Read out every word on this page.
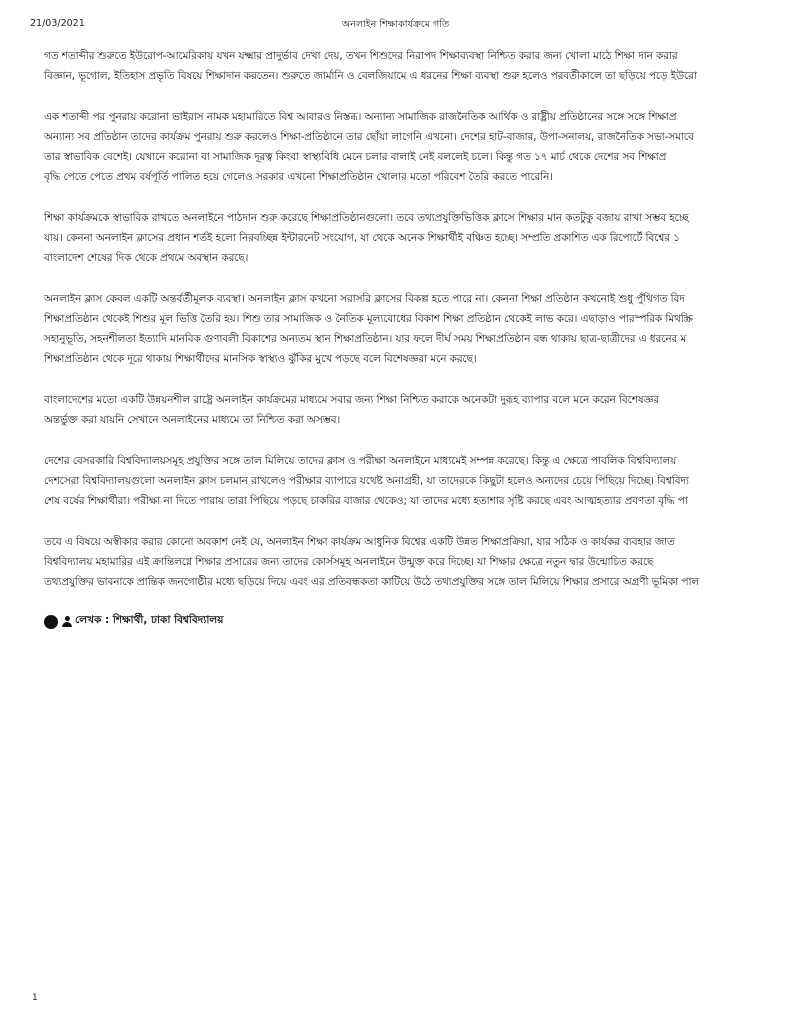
21/03/2021	অনলাইন শিক্ষাকার্যক্রমে গতি
গত শতাব্দীর শুরুতে ইউরোপ-আমেরিকায় যখন যক্ষ্মার প্রাদুর্ভাব দেখা দেয়, তখন শিশুদের নিরাপদ শিক্ষাব্যবস্থা নিশ্চিত করার জন্য খোলা মাঠে শিক্ষা দান করার
বিজ্ঞান, ভূগোল, ইতিহাস প্রভৃতি বিষয়ে শিক্ষাদান করতেন। শুরুতে জার্মানি ও বেলজিয়ামে এ ধরনের শিক্ষা ব্যবস্থা শুরু হলেও পরবর্তীকালে তা ছড়িয়ে পড়ে ইউরো
এক শতাব্দী পর পুনরায় করোনা ভাইরাস নামক মহামারিতে বিশ্ব আবারও নিস্তব্ধ। অন্যান্য সামাজিক রাজনৈতিক আর্থিক ও রাষ্ট্রীয় প্রতিষ্ঠানের সঙ্গে সঙ্গে শিক্ষাপ্র
অন্যান্য সব প্রতিষ্ঠান তাদের কার্যক্রম পুনরায় শুরু করলেও শিক্ষা-প্রতিষ্ঠানে তার ছোঁয়া লাগেনি এখনো। দেশের হাট-বাজার, উপা-সনালয়, রাজনৈতিক সভা-সমাবে
তার স্বাভাবিক বেশেই। যেখানে করোনা বা সামাজিক দূরত্ব কিংবা স্বাস্থ্যবিধি মেনে চলার বালাই নেই বললেই চলে। কিন্তু গত ১৭ মার্চ থেকে দেশের সব শিক্ষাপ্র
বৃদ্ধি পেতে পেতে প্রথম বর্ষপূর্তি পালিত হয়ে গেলেও সরকার এখনো শিক্ষাপ্রতিষ্ঠান খোলার মতো পরিবেশ তৈরি করতে পারেনি।
শিক্ষা কার্যক্রমকে স্বাভাবিক রাখতে অনলাইনে পাঠদান শুরু করেছে শিক্ষাপ্রতিষ্ঠানগুলো। তবে তথ্যপ্রযুক্তিভিত্তিক ক্লাসে শিক্ষার মান কতটুকু বজায় রাখা সম্ভব হচ্ছে
যায়। কেননা অনলাইন ক্লাসের প্রধান শর্তই হলো নিরবচ্ছিন্ন ইন্টারনেট সংযোগ, যা থেকে অনেক শিক্ষার্থীই বঞ্চিত হচ্ছে। সম্প্রতি প্রকাশিত এক রিপোর্টে বিশ্বের ১
বাংলাদেশ শেষের দিক থেকে প্রথমে অবস্থান করছে।
অনলাইন ক্লাস কেবল একটি অন্তর্বর্তীমূলক ব্যবস্থা। অনলাইন ক্লাস কখনো সরাসরি ক্লাসের বিকল্প হতে পারে না। কেননা শিক্ষা প্রতিষ্ঠান কখনোই শুধু পুঁথিগত বিদ
শিক্ষাপ্রতিষ্ঠান থেকেই শিশুর মূল ভিত্তি তৈরি হয়। শিশু তার সামাজিক ও নৈতিক মূল্যবোধের বিকাশ শিক্ষা প্রতিষ্ঠান থেকেই লাভ করে। এছাড়াও পারস্পরিক মিথস্ক্রি
সহানুভূতি, সহনশীলতা ইত্যাদি মানবিক গুণাবলী বিকাশের অন্যতম স্থান শিক্ষাপ্রতিষ্ঠান। যার ফলে দীর্ঘ সময় শিক্ষাপ্রতিষ্ঠান বন্ধ থাকায় ছাত্র-ছাত্রীদের এ ধরনের ম
শিক্ষাপ্রতিষ্ঠান থেকে দূরে থাকায় শিক্ষার্থীদের মানসিক স্বাস্থ্যও ঝুঁকির মুখে পড়ছে বলে বিশেষজ্ঞরা মনে করছে।
বাংলাদেশের মতো একটি উন্নয়নশীল রাষ্ট্রে অনলাইন কার্যক্রমের মাধ্যমে সবার জন্য শিক্ষা নিশ্চিত করাকে অনেকটা দুরূহ ব্যাপার বলে মনে করেন বিশেষজ্ঞর
অন্তর্ভুক্ত করা যায়নি সেখানে অনলাইনের মাধ্যমে তা নিশ্চিত করা অসম্ভব।
দেশের বেসরকারি বিশ্ববিদ্যালয়সমূহ প্রযুক্তির সঙ্গে তাল মিলিয়ে তাদের ক্লাস ও পরীক্ষা অনলাইনে মাধ্যমেই সম্পন্ন করেছে। কিন্তু এ ক্ষেত্রে পাবলিক বিশ্ববিদ্যালয়
দেশসেরা বিশ্ববিদ্যালয়গুলো অনলাইন ক্লাস চলমান রাখলেও পরীক্ষার ব্যাপারে যথেষ্ট অনাগ্রহী, যা তাদেরকে কিছুটা হলেও অন্যদের চেয়ে পিছিয়ে দিচ্ছে। বিশ্ববিদ্য
শেষ বর্ষের শিক্ষার্থীরা। পরীক্ষা না দিতে পারায় তারা পিছিয়ে পড়ছে চাকরির বাজার থেকেও; যা তাদের মধ্যে হতাশার সৃষ্টি করছে এবং আত্মহত্যার প্রবণতা বৃদ্ধি পা
তবে এ বিষয়ে অস্বীকার করার কোনো অবকাশ নেই যে, অনলাইন শিক্ষা কার্যক্রম আধুনিক বিশ্বের একটি উন্নত শিক্ষাপ্রক্রিয়া, যার সঠিক ও কার্যকর ব্যবহার জাত
বিশ্ববিদ্যালয় মহামারির এই ক্রান্তিলগ্নে শিক্ষার প্রসারের জন্য তাদের কোর্সসমূহ অনলাইনে উন্মুক্ত করে দিচ্ছে। যা শিক্ষার ক্ষেত্রে নতুন দ্বার উন্মোচিত করছে
তথ্যপ্রযুক্তির ভাবনাকে প্রান্তিক জনগোষ্ঠীর মধ্যে ছড়িয়ে দিয়ে এবং এর প্রতিবন্ধকতা কাটিয়ে উঠে তথ্যপ্রযুক্তির সঙ্গে তাল মিলিয়ে শিক্ষার প্রসারে অগ্রণী ভূমিকা পাল
লেখক : শিক্ষার্থী, ঢাকা বিশ্ববিদ্যালয়
1
